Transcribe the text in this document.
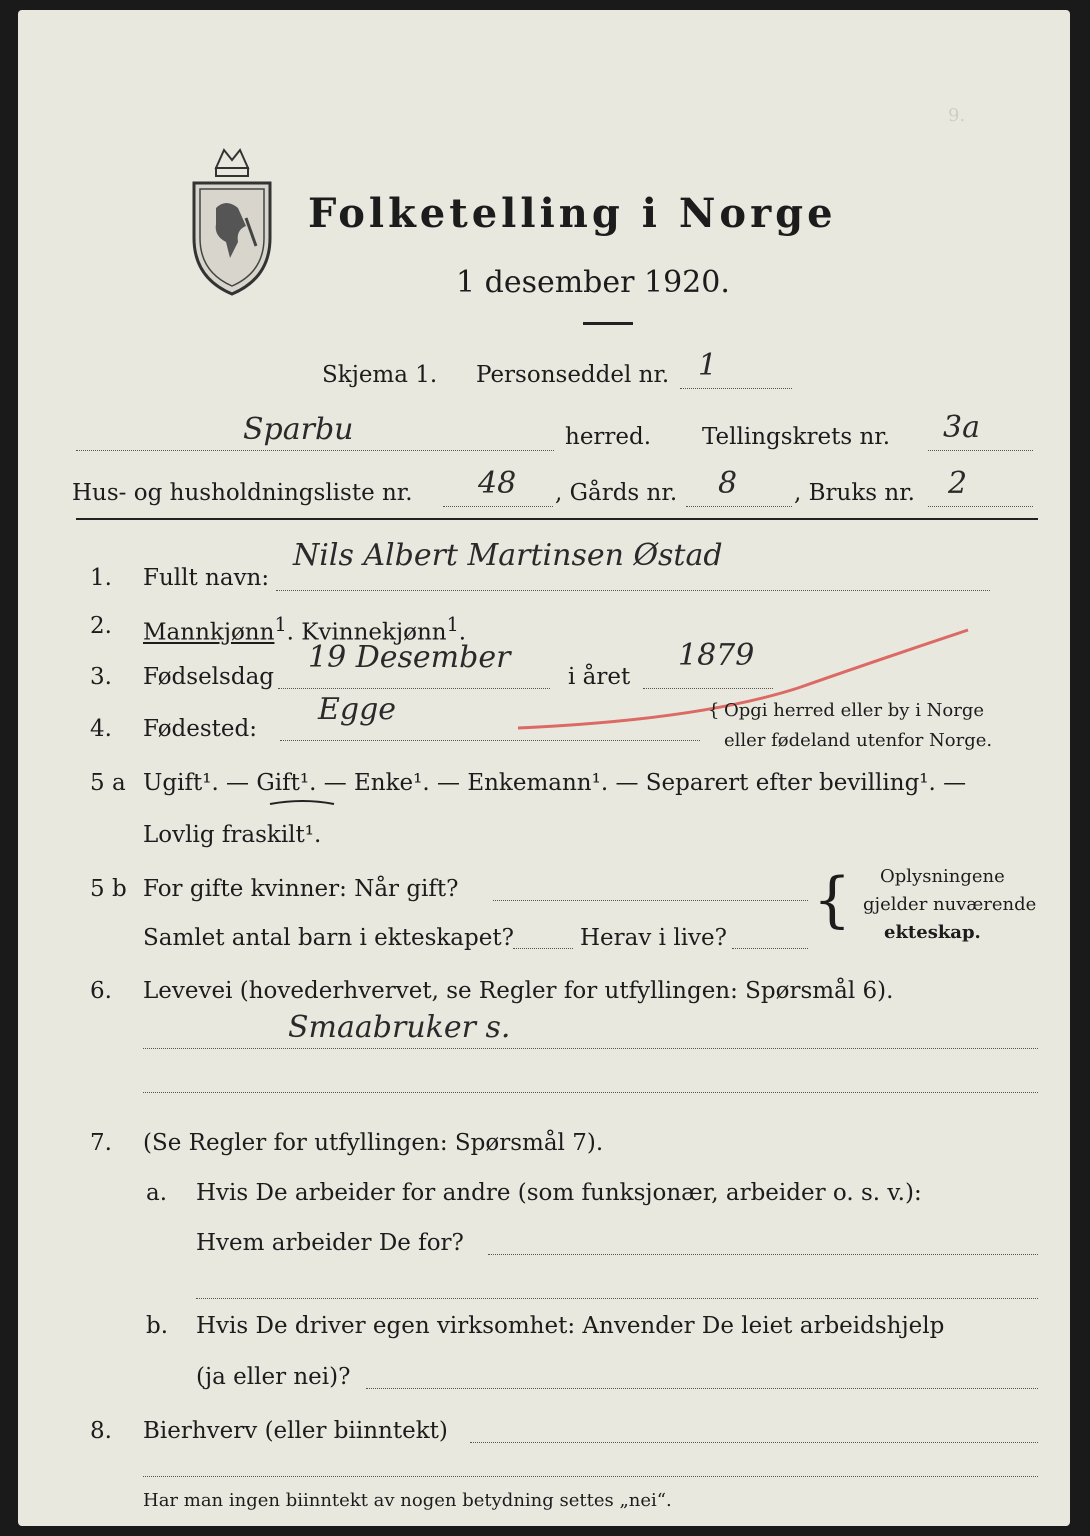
Folketelling i Norge
1 desember 1920.
9.
Skjema 1. Personseddel nr. 1
Sparbu	herred. Tellingskrets nr. 3a
Hus- og husholdningsliste nr. 48 , Gårds nr. 8 , Bruks nr. 2
1. Fullt navn:
Nils Albert Martinsen Østad
2. Mannkjønn$^1$. Kvinnekjønn$^1$.
3. Fødselsdag
19 Desember
i året
1879
4. Fødested:
Egge	{ Opgi herred eller by i Norge
eller fødeland utenfor Norge.
5 a Ugift¹. — Gift¹. — Enke¹. — Enkemann¹. — Separert efter bevilling¹. —
Lovlig fraskilt¹.
5 b For gifte kvinner: Når gift?
Samlet antal barn i ekteskapet?	Herav i live?
{ Oplysningene
gjelder nuværende
ekteskap.
6. Levevei (hovederhvervet, se Regler for utfyllingen: Spørsmål 6).
Smaabruker s.
7. (Se Regler for utfyllingen: Spørsmål 7).
a. Hvis De arbeider for andre (som funksjonær, arbeider o. s. v.):
Hvem arbeider De for?
b. Hvis De driver egen virksomhet: Anvender De leiet arbeidshjelp
(ja eller nei)?
8. Bierhverv (eller biinntekt)
Har man ingen biinntekt av nogen betydning settes „nei“.
